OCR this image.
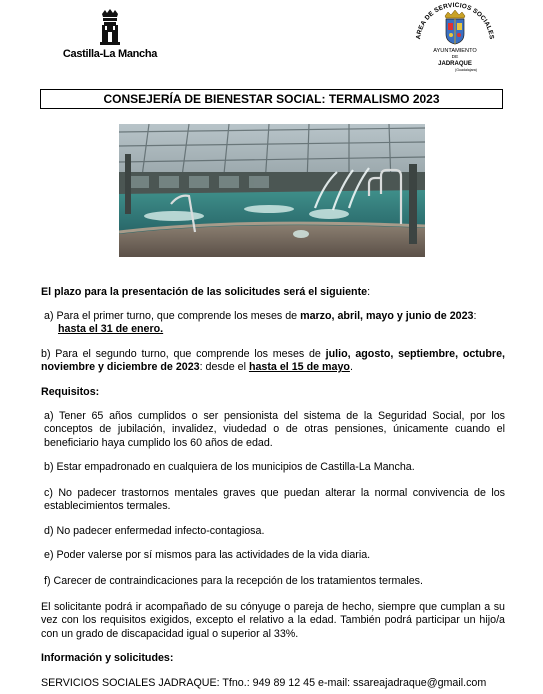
Castilla-La Mancha
AREA DE SERVICIOS SOCIALES
AYUNTAMIENTO
DE
JADRAQUE
(Guadalajara)
CONSEJERÍA DE BIENESTAR SOCIAL: TERMALISMO 2023
El plazo para la presentación de las solicitudes será el siguiente:
a) Para el primer turno, que comprende los meses de marzo, abril, mayo y junio de 2023:
hasta el 31 de enero.
b) Para el segundo turno, que comprende los meses de julio, agosto, septiembre, octubre, noviembre y diciembre de 2023: desde el hasta el 15 de mayo.
Requisitos:
a) Tener 65 años cumplidos o ser pensionista del sistema de la Seguridad Social, por los conceptos de jubilación, invalidez, viudedad o de otras pensiones, únicamente cuando el beneficiario haya cumplido los 60 años de edad.
b) Estar empadronado en cualquiera de los municipios de Castilla-La Mancha.
c) No padecer trastornos mentales graves que puedan alterar la normal convivencia de los establecimientos termales.
d) No padecer enfermedad infecto-contagiosa.
e) Poder valerse por sí mismos para las actividades de la vida diaria.
f) Carecer de contraindicaciones para la recepción de los tratamientos termales.
El solicitante podrá ir acompañado de su cónyuge o pareja de hecho, siempre que cumplan a su vez con los requisitos exigidos, excepto el relativo a la edad. También podrá participar un hijo/a con un grado de discapacidad igual o superior al 33%.
Información y solicitudes:
SERVICIOS SOCIALES JADRAQUE: Tfno.: 949 89 12 45 e-mail: ssareajadraque@gmail.com
